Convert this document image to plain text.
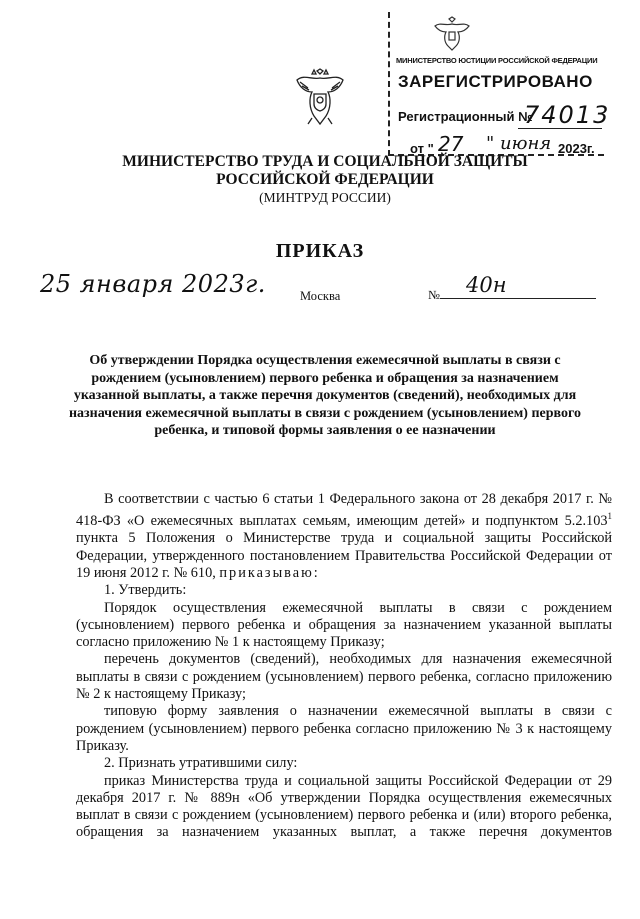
МИНИСТЕРСТВО ЮСТИЦИИ РОССИЙСКОЙ ФЕДЕРАЦИИ
ЗАРЕГИСТРИРОВАНО
Регистрационный №
74013
от " 27 " июня 2023г.
МИНИСТЕРСТВО ТРУДА И СОЦИАЛЬНОЙ ЗАЩИТЫ
РОССИЙСКОЙ ФЕДЕРАЦИИ
(МИНТРУД РОССИИ)
ПРИКАЗ
25 января 2023г.	Москва	№ 40н
Об утверждении Порядка осуществления ежемесячной выплаты в связи с рождением (усыновлением) первого ребенка и обращения за назначением указанной выплаты, а также перечня документов (сведений), необходимых для назначения ежемесячной выплаты в связи с рождением (усыновлением) первого ребенка, и типовой формы заявления о ее назначении

В соответствии с частью 6 статьи 1 Федерального закона от 28 декабря 2017 г. № 418-ФЗ «О ежемесячных выплатах семьям, имеющим детей» и подпунктом 5.2.103$^1$ пункта 5 Положения о Министерстве труда и социальной защиты Российской Федерации, утвержденного постановлением Правительства Российской Федерации от 19 июня 2012 г. № 610, приказываю:

1. Утвердить:

Порядок осуществления ежемесячной выплаты в связи с рождением (усыновлением) первого ребенка и обращения за назначением указанной выплаты согласно приложению № 1 к настоящему Приказу;

перечень документов (сведений), необходимых для назначения ежемесячной выплаты в связи с рождением (усыновлением) первого ребенка, согласно приложению № 2 к настоящему Приказу;

типовую форму заявления о назначении ежемесячной выплаты в связи с рождением (усыновлением) первого ребенка согласно приложению № 3 к настоящему Приказу.

2. Признать утратившими силу:

приказ Министерства труда и социальной защиты Российской Федерации от 29 декабря 2017 г. № 889н «Об утверждении Порядка осуществления ежемесячных выплат в связи с рождением (усыновлением) первого ребенка и (или) второго ребенка, обращения за назначением указанных выплат, а также перечня документов
